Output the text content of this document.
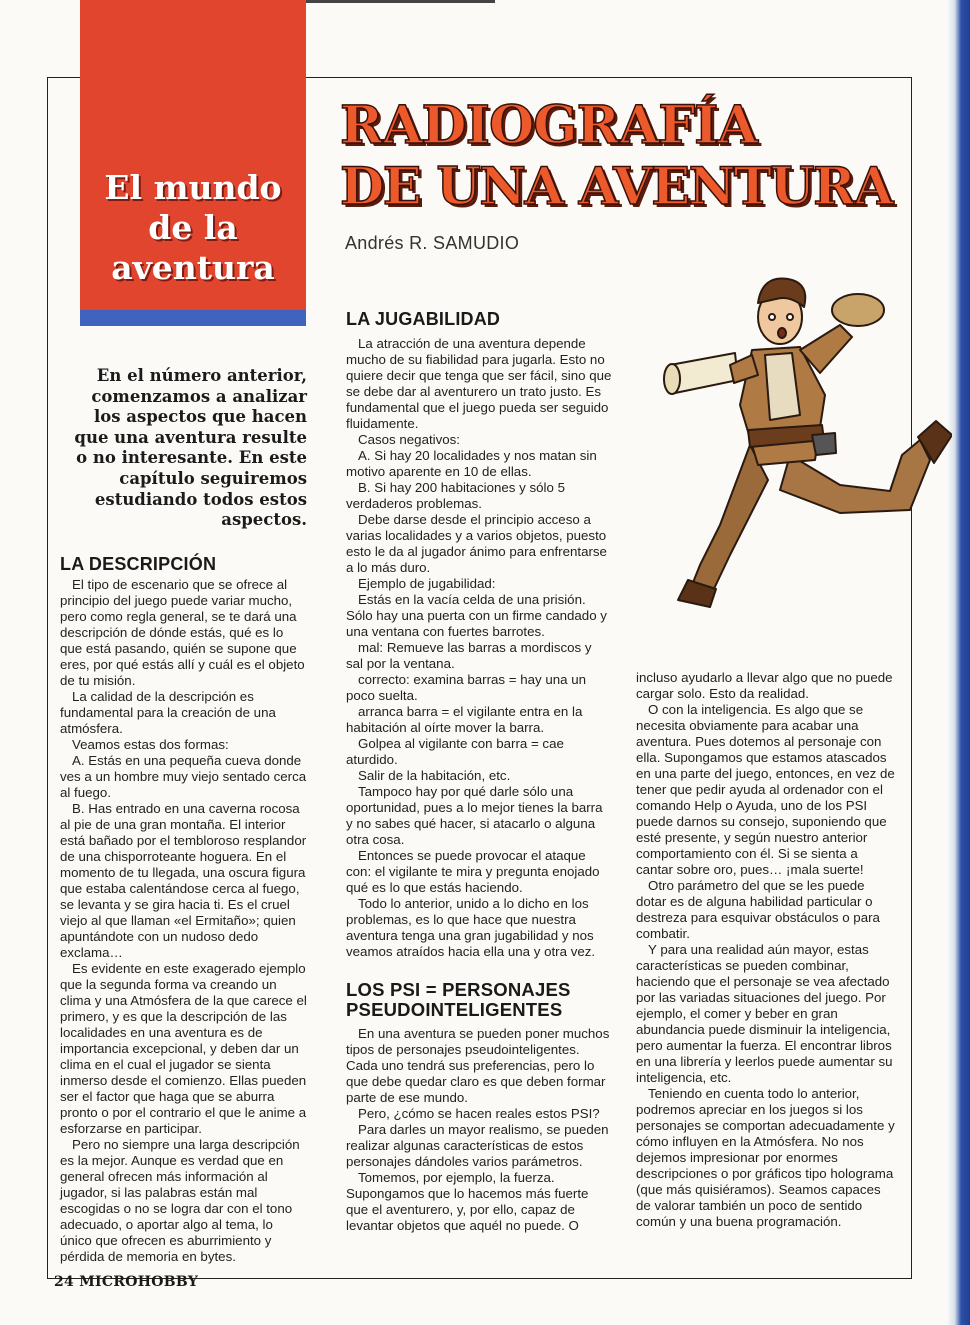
El mundo
de la
aventura
RADIOGRAFÍA
DE UNA AVENTURA
Andrés R. SAMUDIO
En el número anterior, comenzamos a analizar los aspectos que hacen que una aventura resulte o no interesante. En este capítulo seguiremos estudiando todos estos aspectos.
LA DESCRIPCIÓN

El tipo de escenario que se ofrece al principio del juego puede variar mucho, pero como regla general, se te dará una descripción de dónde estás, qué es lo que está pasando, quién se supone que eres, por qué estás allí y cuál es el objeto de tu misión.

La calidad de la descripción es fundamental para la creación de una atmósfera.

Veamos estas dos formas:

A. Estás en una pequeña cueva donde ves a un hombre muy viejo sentado cerca al fuego.

B. Has entrado en una caverna rocosa al pie de una gran montaña. El interior está bañado por el tembloroso resplandor de una chisporroteante hoguera. En el momento de tu llegada, una oscura figura que estaba calentándose cerca al fuego, se levanta y se gira hacia ti. Es el cruel viejo al que llaman «el Ermitaño»; quien apuntándote con un nudoso dedo exclama…

Es evidente en este exagerado ejemplo que la segunda forma va creando un clima y una Atmósfera de la que carece el primero, y es que la descripción de las localidades en una aventura es de importancia excepcional, y deben dar un clima en el cual el jugador se sienta inmerso desde el comienzo. Ellas pueden ser el factor que haga que se aburra pronto o por el contrario el que le anime a esforzarse en participar.

Pero no siempre una larga descripción es la mejor. Aunque es verdad que en general ofrecen más información al jugador, si las palabras están mal escogidas o no se logra dar con el tono adecuado, o aportar algo al tema, lo único que ofrecen es aburrimiento y pérdida de memoria en bytes.

LA JUGABILIDAD

La atracción de una aventura depende mucho de su fiabilidad para jugarla. Esto no quiere decir que tenga que ser fácil, sino que se debe dar al aventurero un trato justo. Es fundamental que el juego pueda ser seguido fluidamente.

Casos negativos:

A. Si hay 20 localidades y nos matan sin motivo aparente en 10 de ellas.

B. Si hay 200 habitaciones y sólo 5 verdaderos problemas.

Debe darse desde el principio acceso a varias localidades y a varios objetos, puesto esto le da al jugador ánimo para enfrentarse a lo más duro.

Ejemplo de jugabilidad:

Estás en la vacía celda de una prisión. Sólo hay una puerta con un firme candado y una ventana con fuertes barrotes.

mal: Remueve las barras a mordiscos y sal por la ventana.

correcto: examina barras = hay una un poco suelta.

arranca barra = el vigilante entra en la habitación al oírte mover la barra.

Golpea al vigilante con barra = cae aturdido.

Salir de la habitación, etc.

Tampoco hay por qué darle sólo una oportunidad, pues a lo mejor tienes la barra y no sabes qué hacer, si atacarlo o alguna otra cosa.

Entonces se puede provocar el ataque con: el vigilante te mira y pregunta enojado qué es lo que estás haciendo.

Todo lo anterior, unido a lo dicho en los problemas, es lo que hace que nuestra aventura tenga una gran jugabilidad y nos veamos atraídos hacia ella una y otra vez.

LOS PSI = PERSONAJES PSEUDOINTELIGENTES

En una aventura se pueden poner muchos tipos de personajes pseudointeligentes. Cada uno tendrá sus preferencias, pero lo que debe quedar claro es que deben formar parte de ese mundo.

Pero, ¿cómo se hacen reales estos PSI?

Para darles un mayor realismo, se pueden realizar algunas características de estos personajes dándoles varios parámetros.

Tomemos, por ejemplo, la fuerza. Supongamos que lo hacemos más fuerte que el aventurero, y, por ello, capaz de levantar objetos que aquél no puede. O

incluso ayudarlo a llevar algo que no puede cargar solo. Esto da realidad.

O con la inteligencia. Es algo que se necesita obviamente para acabar una aventura. Pues dotemos al personaje con ella. Supongamos que estamos atascados en una parte del juego, entonces, en vez de tener que pedir ayuda al ordenador con el comando Help o Ayuda, uno de los PSI puede darnos su consejo, suponiendo que esté presente, y según nuestro anterior comportamiento con él. Si se sienta a cantar sobre oro, pues… ¡mala suerte!

Otro parámetro del que se les puede dotar es de alguna habilidad particular o destreza para esquivar obstáculos o para combatir.

Y para una realidad aún mayor, estas características se pueden combinar, haciendo que el personaje se vea afectado por las variadas situaciones del juego. Por ejemplo, el comer y beber en gran abundancia puede disminuir la inteligencia, pero aumentar la fuerza. El encontrar libros en una librería y leerlos puede aumentar su inteligencia, etc.

Teniendo en cuenta todo lo anterior, podremos apreciar en los juegos si los personajes se comportan adecuadamente y cómo influyen en la Atmósfera. No nos dejemos impresionar por enormes descripciones o por gráficos tipo holograma (que más quisiéramos). Seamos capaces de valorar también un poco de sentido común y una buena programación.

24 MICROHOBBY
